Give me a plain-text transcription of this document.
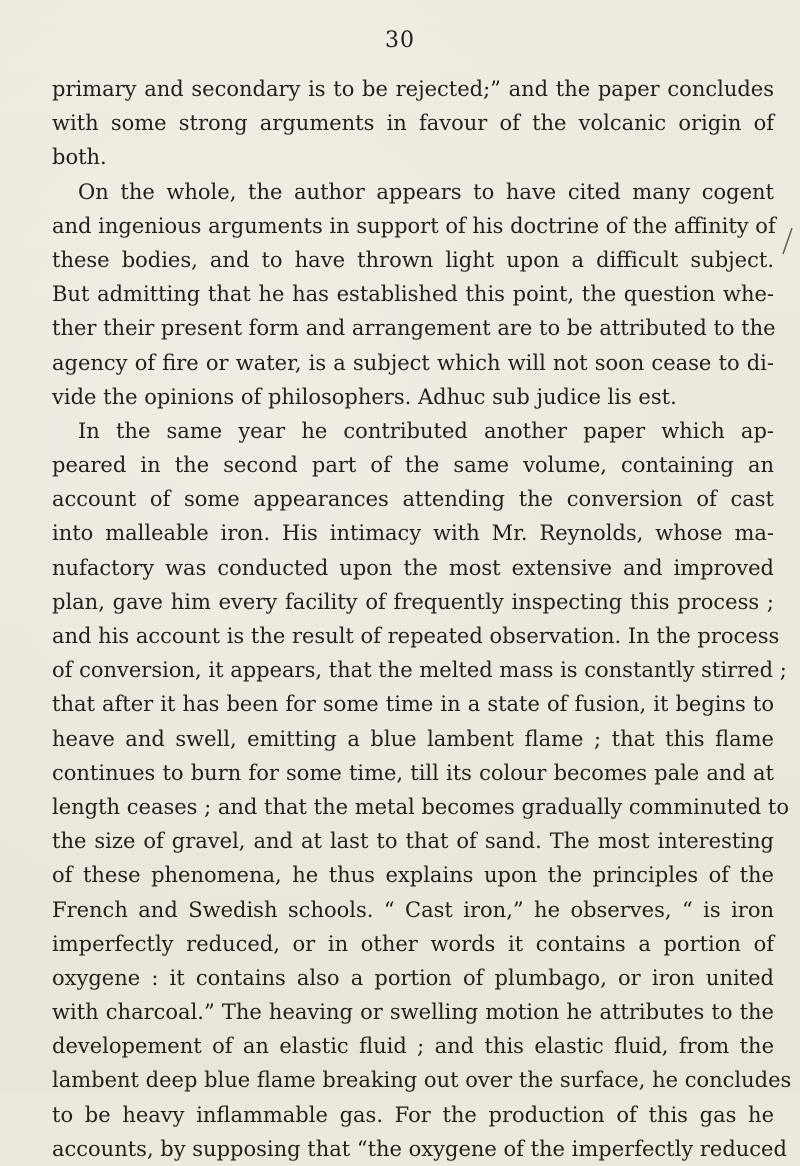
30
primary and secondary is to be rejected;” and the paper concludes
with some strong arguments in favour of the volcanic origin of
both.
On the whole, the author appears to have cited many cogent
and ingenious arguments in support of his doctrine of the affinity of
these bodies, and to have thrown light upon a difficult subject.
But admitting that he has established this point, the question whe-
ther their present form and arrangement are to be attributed to the
agency of fire or water, is a subject which will not soon cease to di-
vide the opinions of philosophers. Adhuc sub judice lis est.
In the same year he contributed another paper which ap-
peared in the second part of the same volume, containing an
account of some appearances attending the conversion of cast
into malleable iron. His intimacy with Mr. Reynolds, whose ma-
nufactory was conducted upon the most extensive and improved
plan, gave him every facility of frequently inspecting this process ;
and his account is the result of repeated observation. In the process
of conversion, it appears, that the melted mass is constantly stirred ;
that after it has been for some time in a state of fusion, it begins to
heave and swell, emitting a blue lambent flame ; that this flame
continues to burn for some time, till its colour becomes pale and at
length ceases ; and that the metal becomes gradually comminuted to
the size of gravel, and at last to that of sand. The most interesting
of these phenomena, he thus explains upon the principles of the
French and Swedish schools. “ Cast iron,” he observes, “ is iron
imperfectly reduced, or in other words it contains a portion of
oxygene : it contains also a portion of plumbago, or iron united
with charcoal.” The heaving or swelling motion he attributes to the
developement of an elastic fluid ; and this elastic fluid, from the
lambent deep blue flame breaking out over the surface, he concludes
to be heavy inflammable gas. For the production of this gas he
accounts, by supposing that “the oxygene of the imperfectly reduced
